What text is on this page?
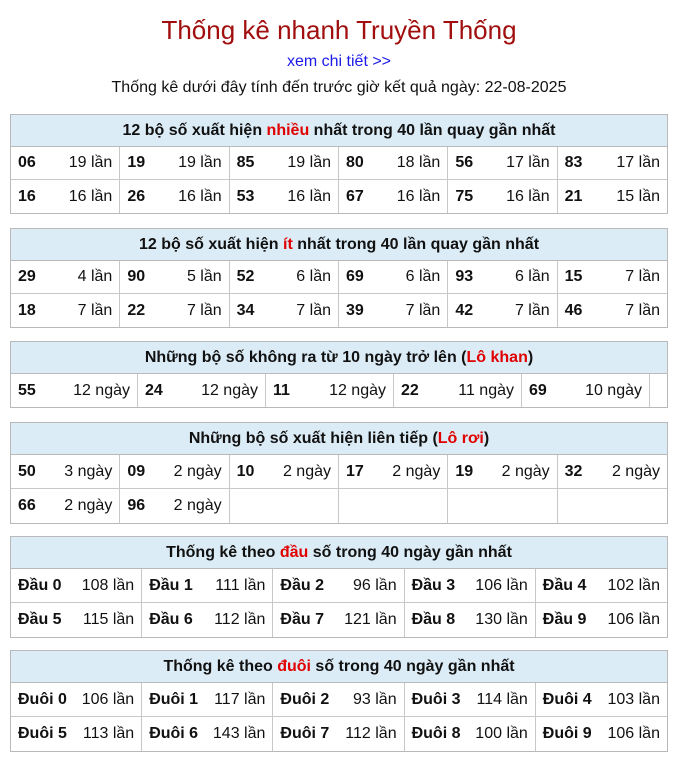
Thống kê nhanh Truyền Thống
xem chi tiết >>
Thống kê dưới đây tính đến trước giờ kết quả ngày: 22-08-2025
12 bộ số xuất hiện nhiều nhất trong 40 lần quay gần nhất
06 19 lần 19 19 lần 85 19 lần 80 18 lần 56 17 lần 83 17 lần
16 16 lần 26 16 lần 53 16 lần 67 16 lần 75 16 lần 21 15 lần
12 bộ số xuất hiện ít nhất trong 40 lần quay gần nhất
29	4 lần 90	5 lần 52	6 lần 69	6 lần 93	6 lần 15	7 lần
18	7 lần 22	7 lần 34	7 lần 39	7 lần 42	7 lần 46	7 lần
Những bộ số không ra từ 10 ngày trở lên (Lô khan)
55 12 ngày 24 12 ngày 11 12 ngày 22 11 ngày 69 10 ngày
Những bộ số xuất hiện liên tiếp (Lô rơi)
50 3 ngày 09 2 ngày 10 2 ngày 17 2 ngày 19 2 ngày 32 2 ngày
66 2 ngày 96 2 ngày
Thống kê theo đầu số trong 40 ngày gần nhất
Đầu 0 108 lần Đầu 1 111 lần Đầu 2 96 lần Đầu 3 106 lần Đầu 4 102 lần
Đầu 5 115 lần Đầu 6 112 lần Đầu 7 121 lần Đầu 8 130 lần Đầu 9 106 lần
Thống kê theo đuôi số trong 40 ngày gần nhất
Đuôi 0 106 lần Đuôi 1 117 lần Đuôi 2 93 lần Đuôi 3 114 lần Đuôi 4 103 lần
Đuôi 5 113 lần Đuôi 6 143 lần Đuôi 7 112 lần Đuôi 8 100 lần Đuôi 9 106 lần
